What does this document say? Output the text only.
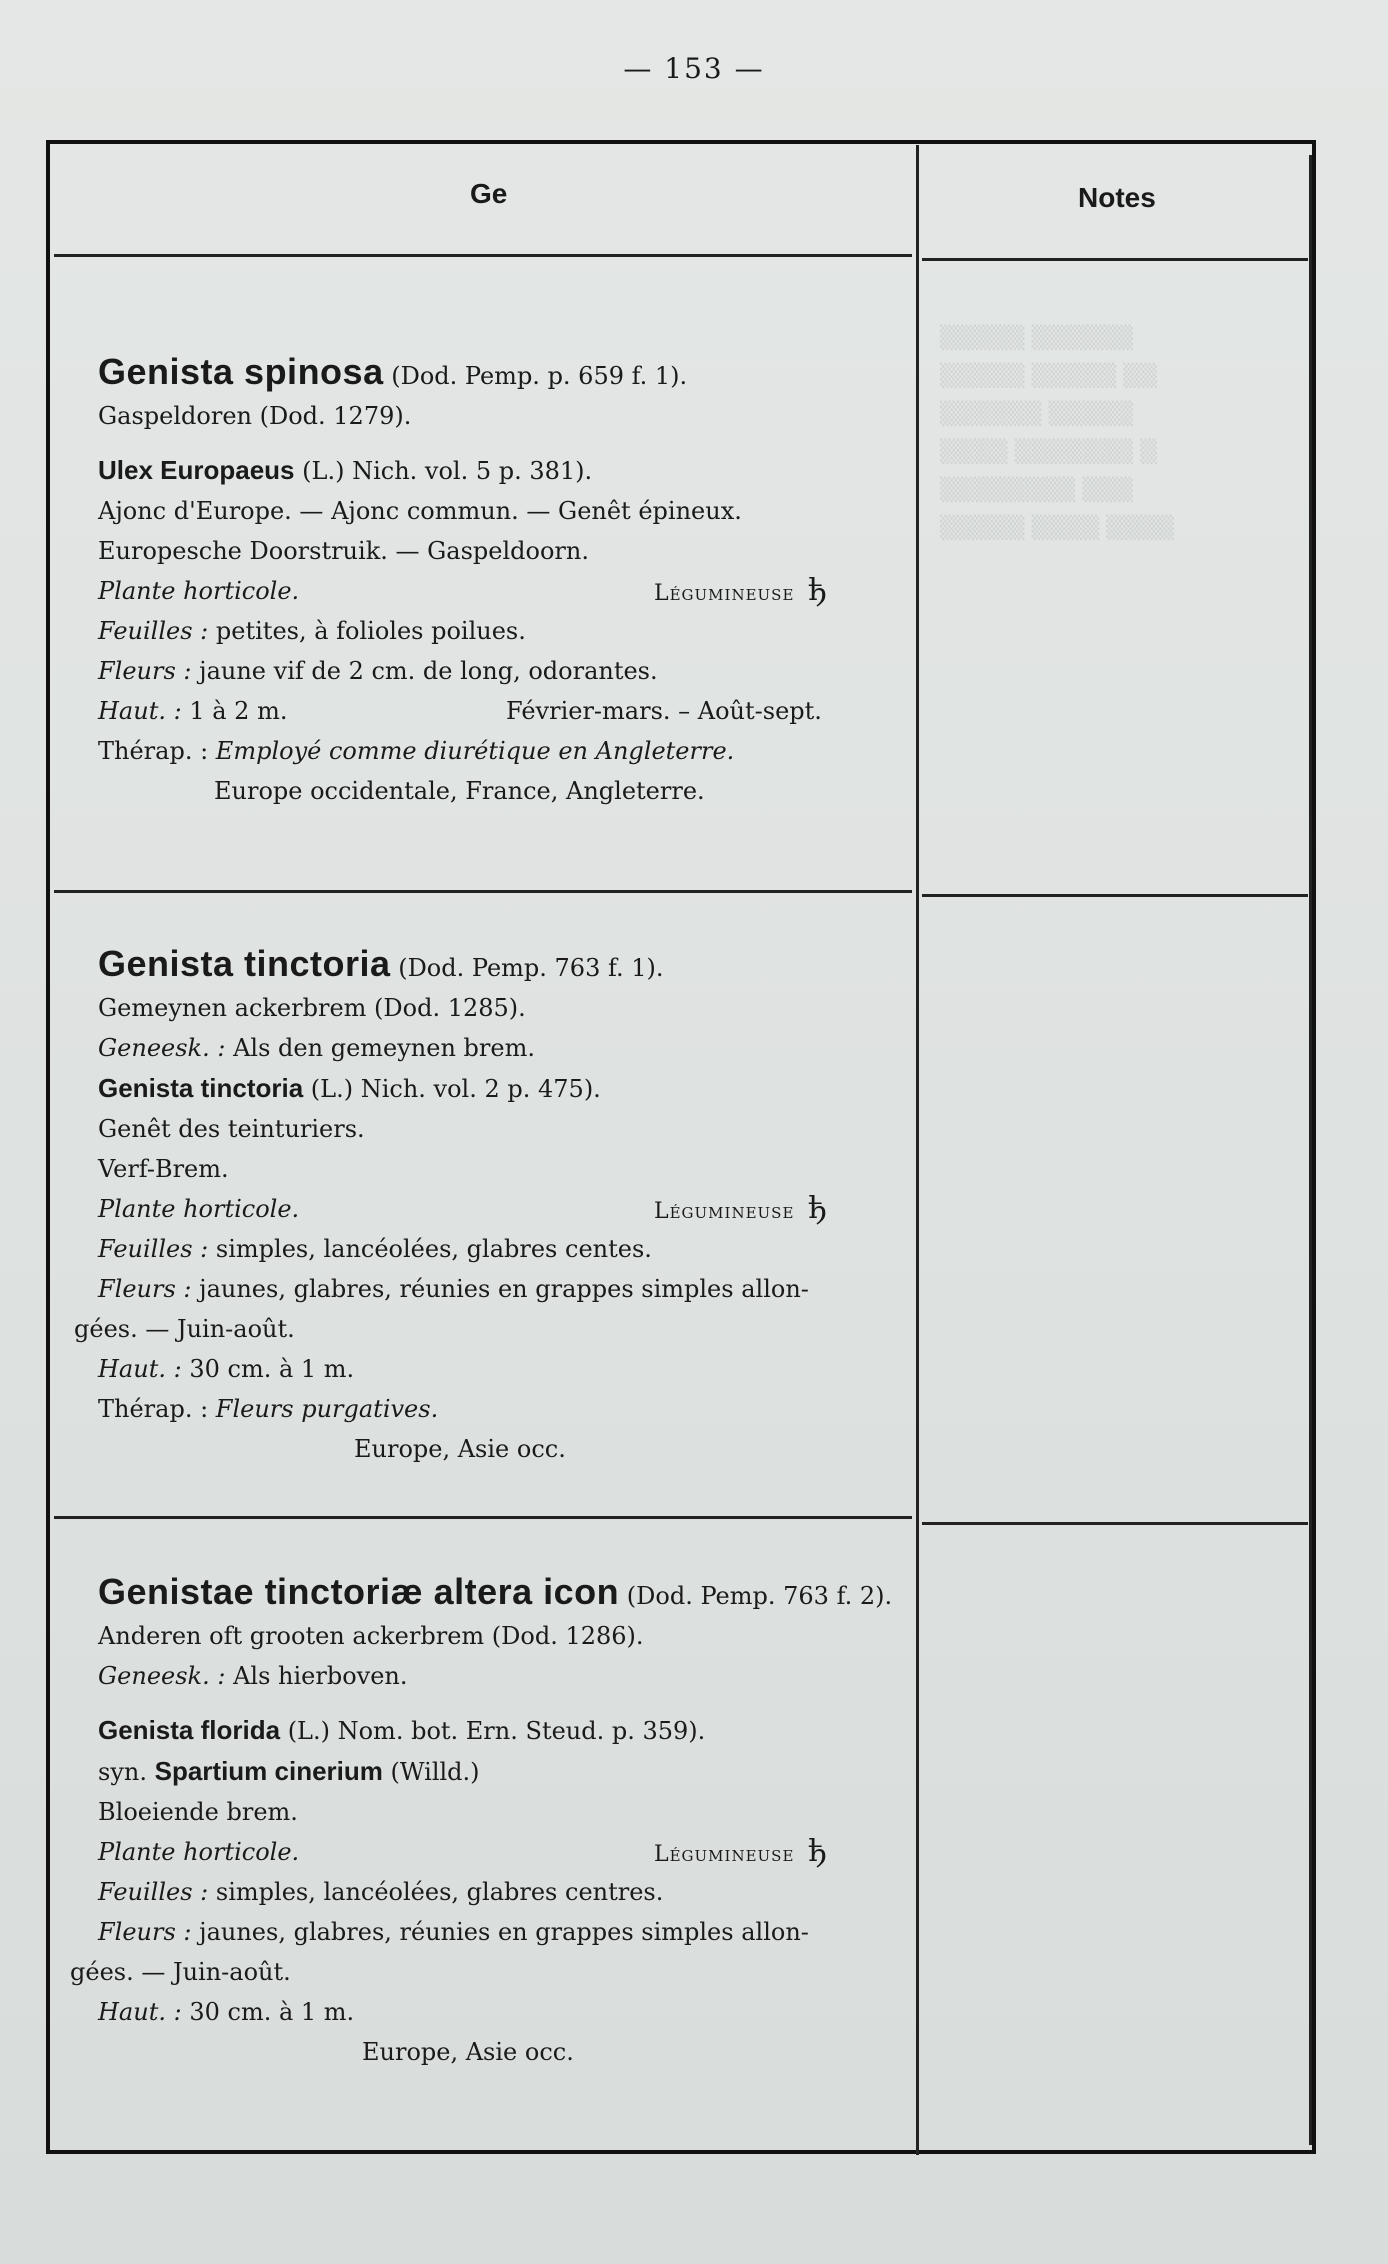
— 153 —
Ge	Notes
▒▒▒▒▒ ▒▒▒▒▒▒
▒▒▒▒▒ ▒▒▒▒▒ ▒▒
▒▒▒▒▒▒ ▒▒▒▒▒
▒▒▒▒ ▒▒▒▒▒▒▒ ▒
▒▒▒▒▒▒▒▒ ▒▒▒
▒▒▒▒▒ ▒▒▒▒ ▒▒▒▒
Genista spinosa (Dod. Pemp. p. 659 f. 1).
Gaspeldoren (Dod. 1279).
Ulex Europaeus (L.) Nich. vol. 5 p. 381).
Ajonc d'Europe. — Ajonc commun. — Genêt épineux.
Europesche Doorstruik. — Gaspeldoorn.
Plante horticole.	Légumineuse ђ
Feuilles : petites, à folioles poilues.
Fleurs : jaune vif de 2 cm. de long, odorantes.
Haut. : 1 à 2 m.	Février-mars. – Août-sept.
Thérap. : Employé comme diurétique en Angleterre.
Europe occidentale, France, Angleterre.
Genista tinctoria (Dod. Pemp. 763 f. 1).
Gemeynen ackerbrem (Dod. 1285).
Geneesk. : Als den gemeynen brem.
Genista tinctoria (L.) Nich. vol. 2 p. 475).
Genêt des teinturiers.
Verf-Brem.
Plante horticole.	Légumineuse ђ
Feuilles : simples, lancéolées, glabres centes.
Fleurs : jaunes, glabres, réunies en grappes simples allon-
gées. — Juin-août.
Haut. : 30 cm. à 1 m.
Thérap. : Fleurs purgatives.
Europe, Asie occ.
Genistae tinctoriæ altera icon (Dod. Pemp. 763 f. 2).
Anderen oft grooten ackerbrem (Dod. 1286).
Geneesk. : Als hierboven.
Genista florida (L.) Nom. bot. Ern. Steud. p. 359).
syn. Spartium cinerium (Willd.)
Bloeiende brem.
Plante horticole.	Légumineuse ђ
Feuilles : simples, lancéolées, glabres centres.
Fleurs : jaunes, glabres, réunies en grappes simples allon-
gées. — Juin-août.
Haut. : 30 cm. à 1 m.
Europe, Asie occ.
